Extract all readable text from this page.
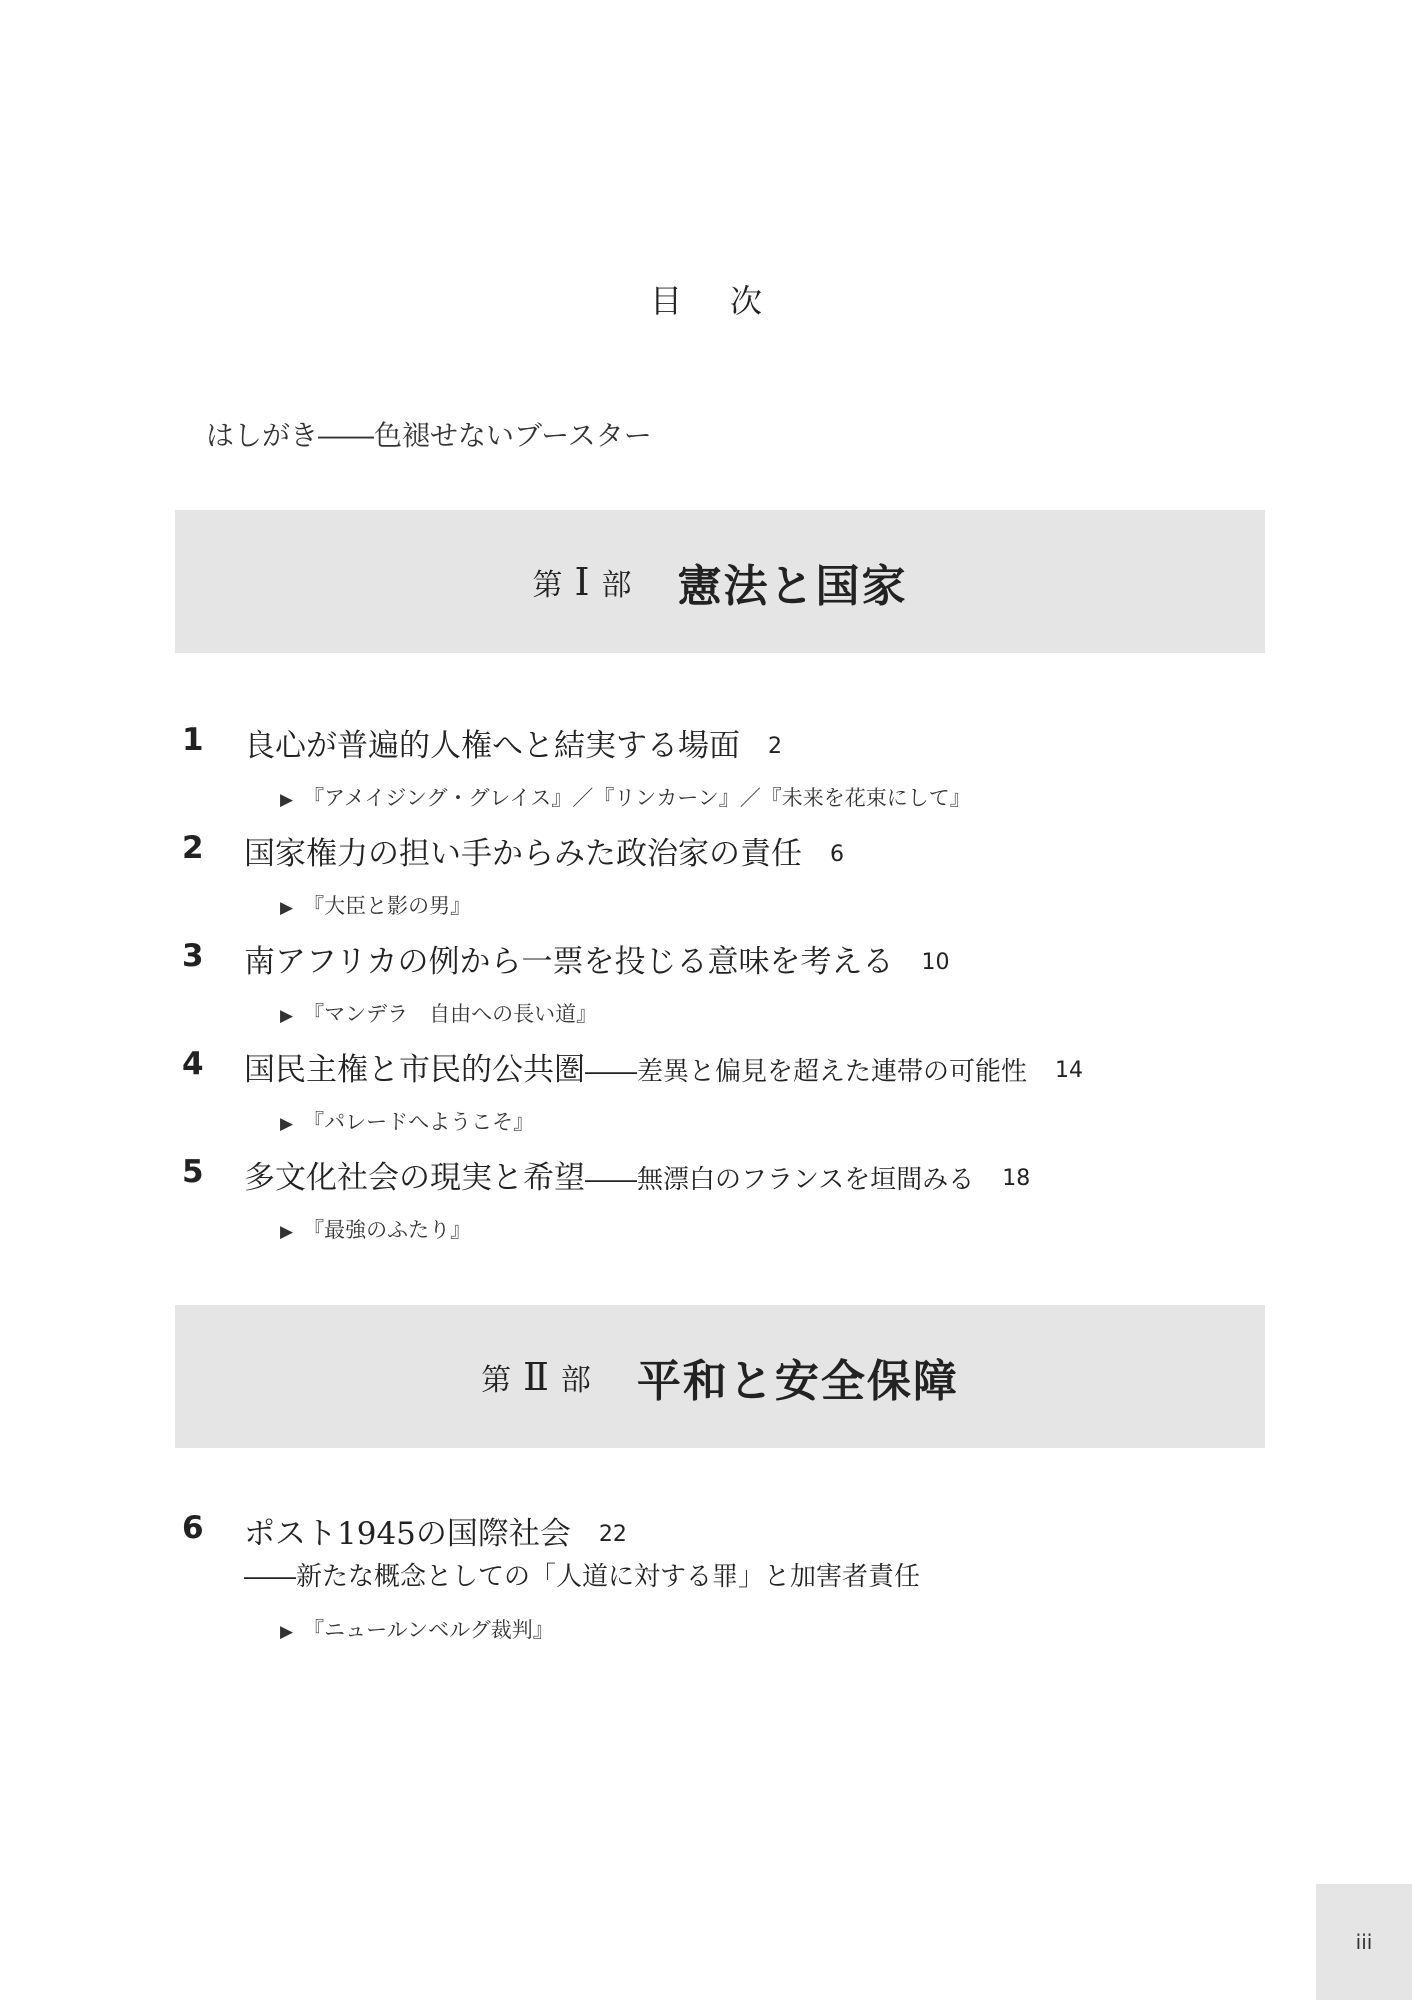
目次
はしがき――色褪せないブースター
第 Ⅰ 部 憲法と国家
1 良心が普遍的人権へと結実する場面 2
▶ 『アメイジング・グレイス』／『リンカーン』／『未来を花束にして』
2 国家権力の担い手からみた政治家の責任 6
▶ 『大臣と影の男』
3 南アフリカの例から一票を投じる意味を考える 10
▶ 『マンデラ　自由への長い道』
4 国民主権と市民的公共圏――差異と偏見を超えた連帯の可能性 14
▶ 『パレードへようこそ』
5 多文化社会の現実と希望――無漂白のフランスを垣間みる 18
▶ 『最強のふたり』
第 Ⅱ 部 平和と安全保障
6 ポスト1945の国際社会 22
――新たな概念としての「人道に対する罪」と加害者責任
▶ 『ニュールンベルグ裁判』
iii
